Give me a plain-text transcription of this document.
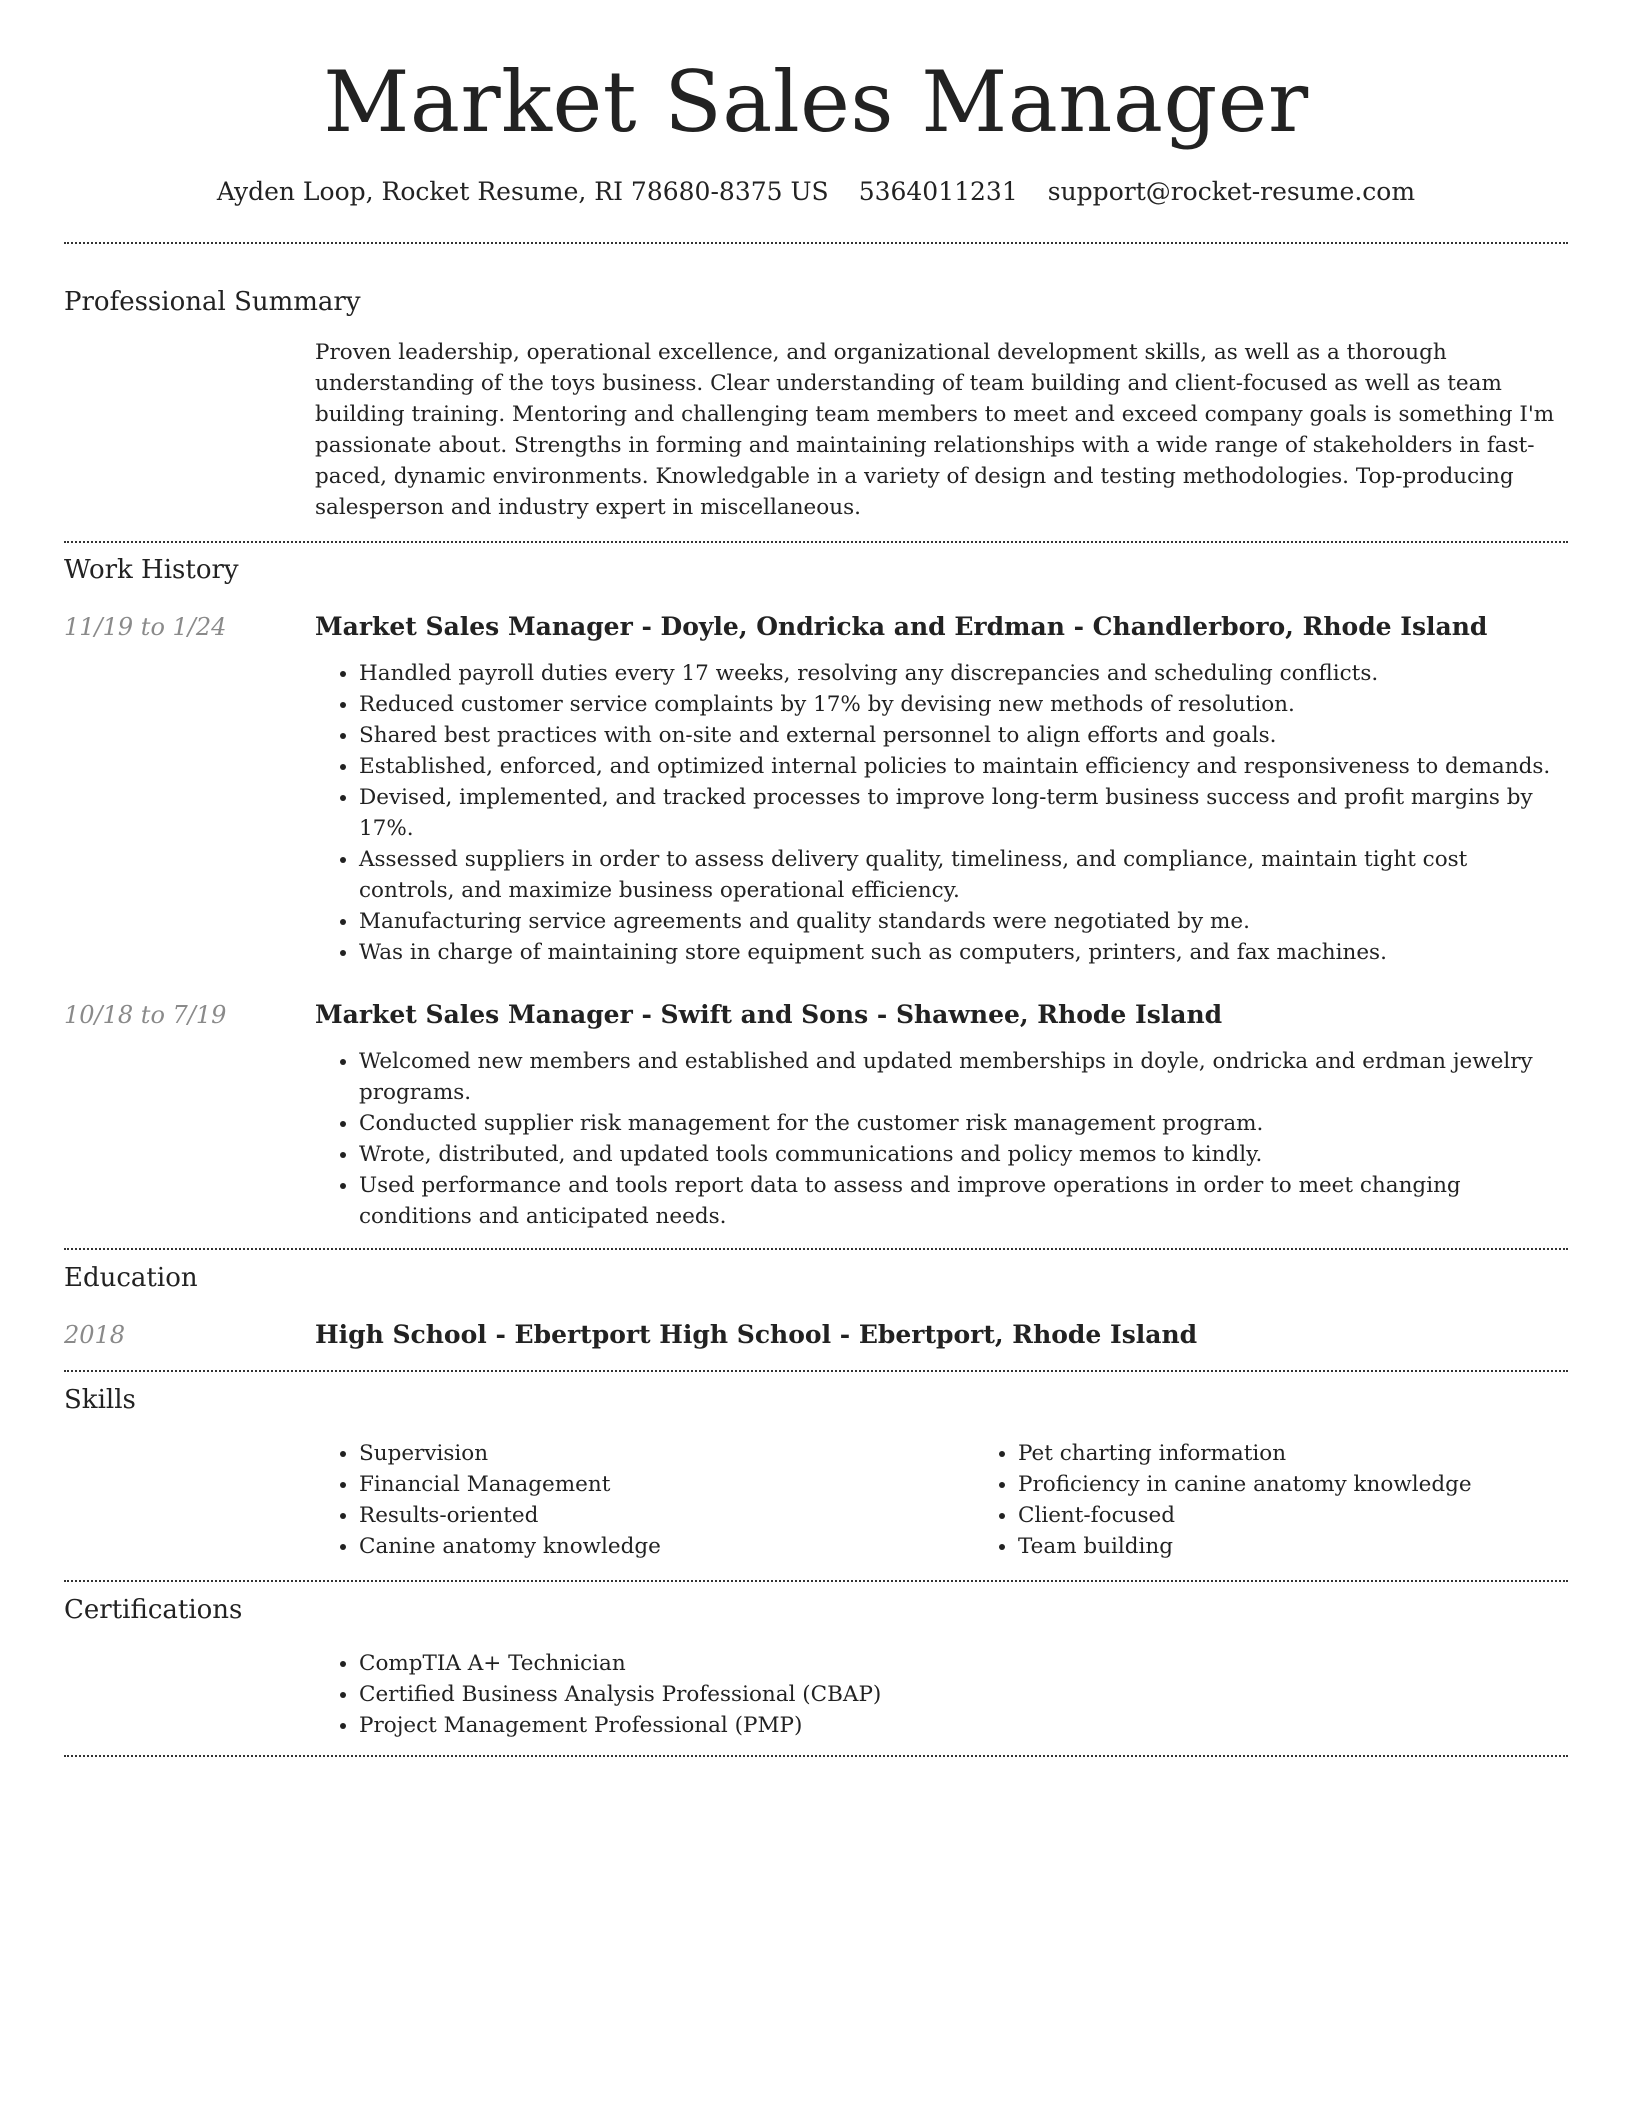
Market Sales Manager
Ayden Loop, Rocket Resume, RI 78680-8375 US 5364011231 support@rocket-resume.com
Professional Summary

Proven leadership, operational excellence, and organizational development skills, as well as a thorough understanding of the toys business. Clear understanding of team building and client-focused as well as team building training. Mentoring and challenging team members to meet and exceed company goals is something I'm passionate about. Strengths in forming and maintaining relationships with a wide range of stakeholders in fast-paced, dynamic environments. Knowledgable in a variety of design and testing methodologies. Top-producing salesperson and industry expert in miscellaneous.

Work History
11/19 to 1/24	Market Sales Manager - Doyle, Ondricka and Erdman - Chandlerboro, Rhode Island
• Handled payroll duties every 17 weeks, resolving any discrepancies and scheduling conflicts.
• Reduced customer service complaints by 17% by devising new methods of resolution.
• Shared best practices with on-site and external personnel to align efforts and goals.
• Established, enforced, and optimized internal policies to maintain efficiency and responsiveness to demands.
• Devised, implemented, and tracked processes to improve long-term business success and profit margins by 17%.
• Assessed suppliers in order to assess delivery quality, timeliness, and compliance, maintain tight cost controls, and maximize business operational efficiency.
• Manufacturing service agreements and quality standards were negotiated by me.
• Was in charge of maintaining store equipment such as computers, printers, and fax machines.
10/18 to 7/19	Market Sales Manager - Swift and Sons - Shawnee, Rhode Island
• Welcomed new members and established and updated memberships in doyle, ondricka and erdman jewelry programs.
• Conducted supplier risk management for the customer risk management program.
• Wrote, distributed, and updated tools communications and policy memos to kindly.
• Used performance and tools report data to assess and improve operations in order to meet changing conditions and anticipated needs.
Education
2018	High School - Ebertport High School - Ebertport, Rhode Island
Skills
• Supervision
• Financial Management
• Results-oriented
• Canine anatomy knowledge
• Pet charting information
• Proficiency in canine anatomy knowledge
• Client-focused
• Team building
Certifications
• CompTIA A+ Technician
• Certified Business Analysis Professional (CBAP)
• Project Management Professional (PMP)
